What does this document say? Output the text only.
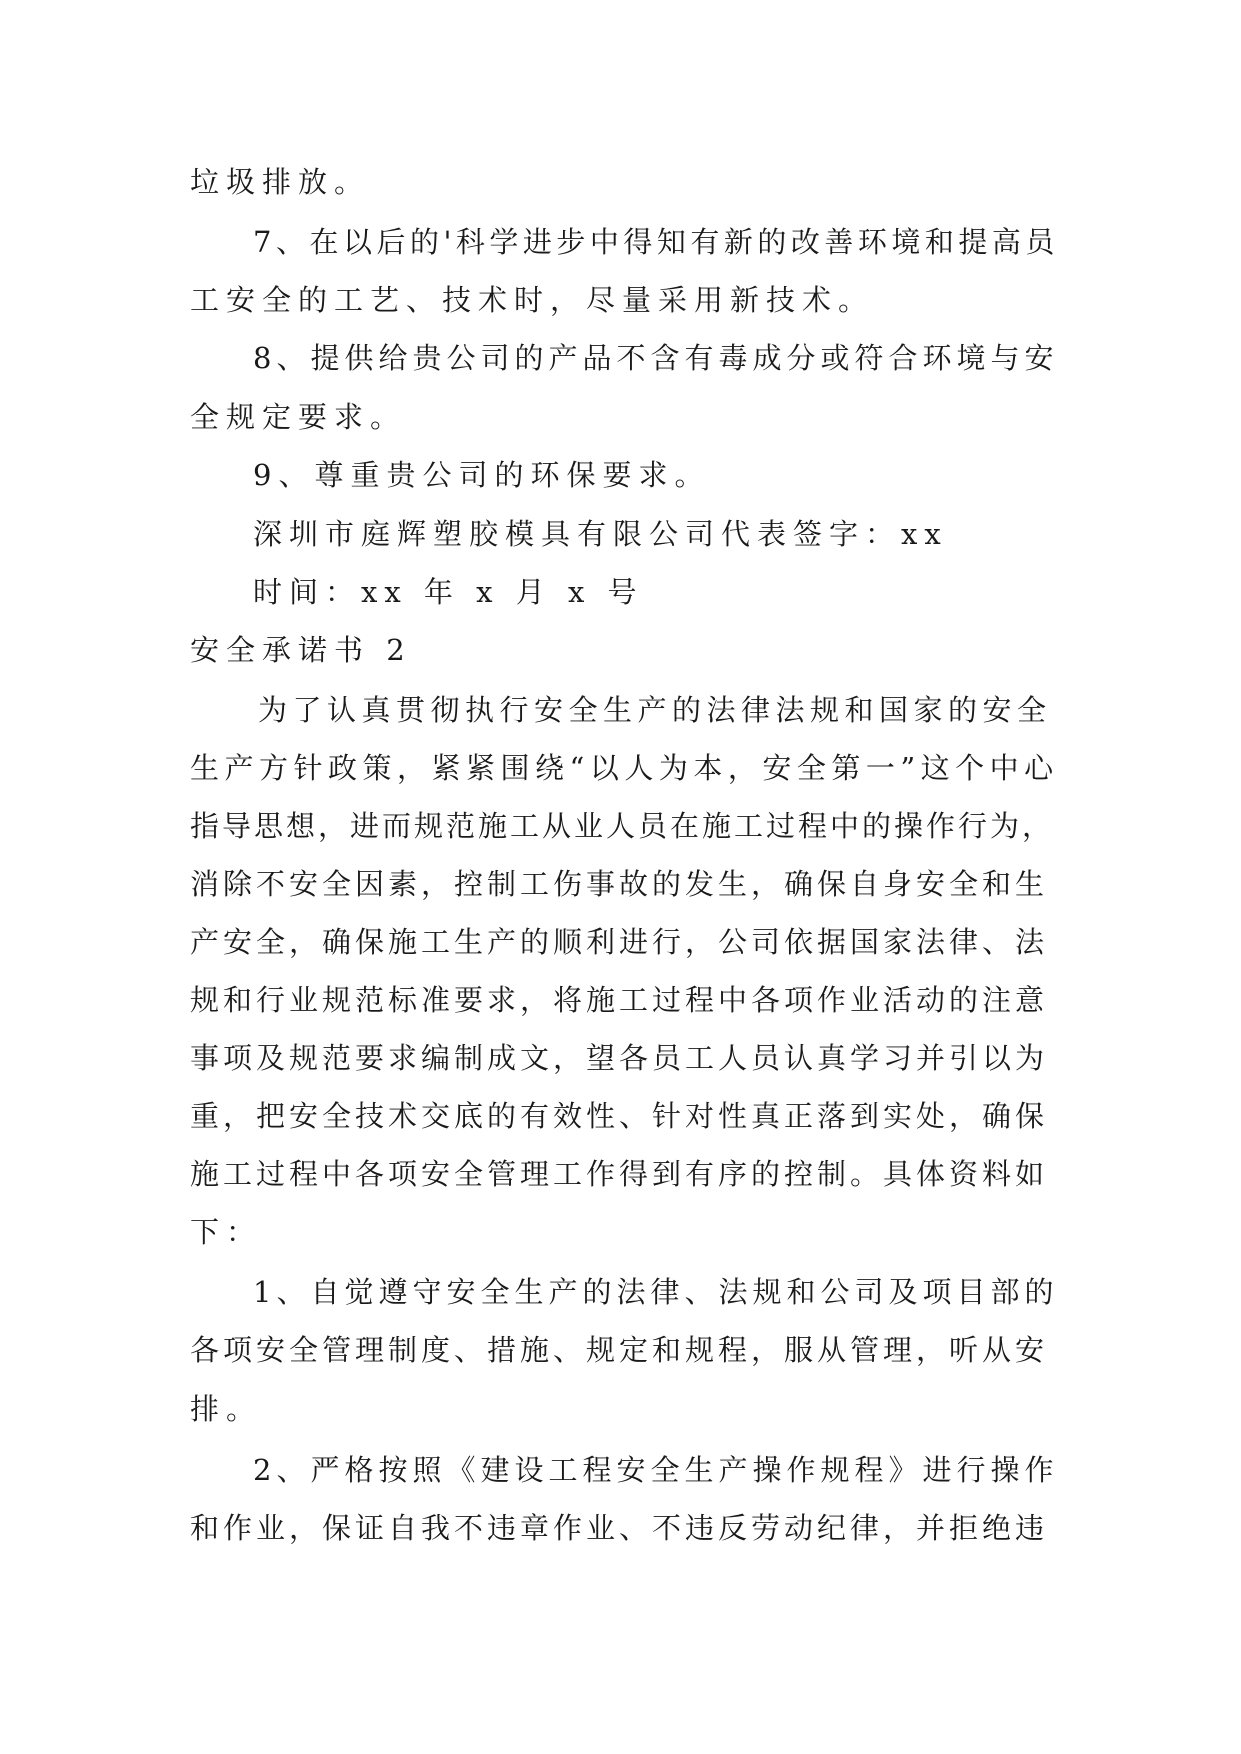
垃圾排放。
7、在以后的'科学进步中得知有新的改善环境和提高员
工安全的工艺、技术时，尽量采用新技术。
8、提供给贵公司的产品不含有毒成分或符合环境与安
全规定要求。
9、尊重贵公司的环保要求。
深圳市庭辉塑胶模具有限公司代表签字：xx
时间：xx 年 x 月 x 号
安全承诺书 2
为了认真贯彻执行安全生产的法律法规和国家的安全
生产方针政策，紧紧围绕“以人为本，安全第一”这个中心
指导思想，进而规范施工从业人员在施工过程中的操作行为，
消除不安全因素，控制工伤事故的发生，确保自身安全和生
产安全，确保施工生产的顺利进行，公司依据国家法律、法
规和行业规范标准要求，将施工过程中各项作业活动的注意
事项及规范要求编制成文，望各员工人员认真学习并引以为
重，把安全技术交底的有效性、针对性真正落到实处，确保
施工过程中各项安全管理工作得到有序的控制。具体资料如
下：
1、自觉遵守安全生产的法律、法规和公司及项目部的
各项安全管理制度、措施、规定和规程，服从管理，听从安
排。
2、严格按照《建设工程安全生产操作规程》进行操作
和作业，保证自我不违章作业、不违反劳动纪律，并拒绝违
